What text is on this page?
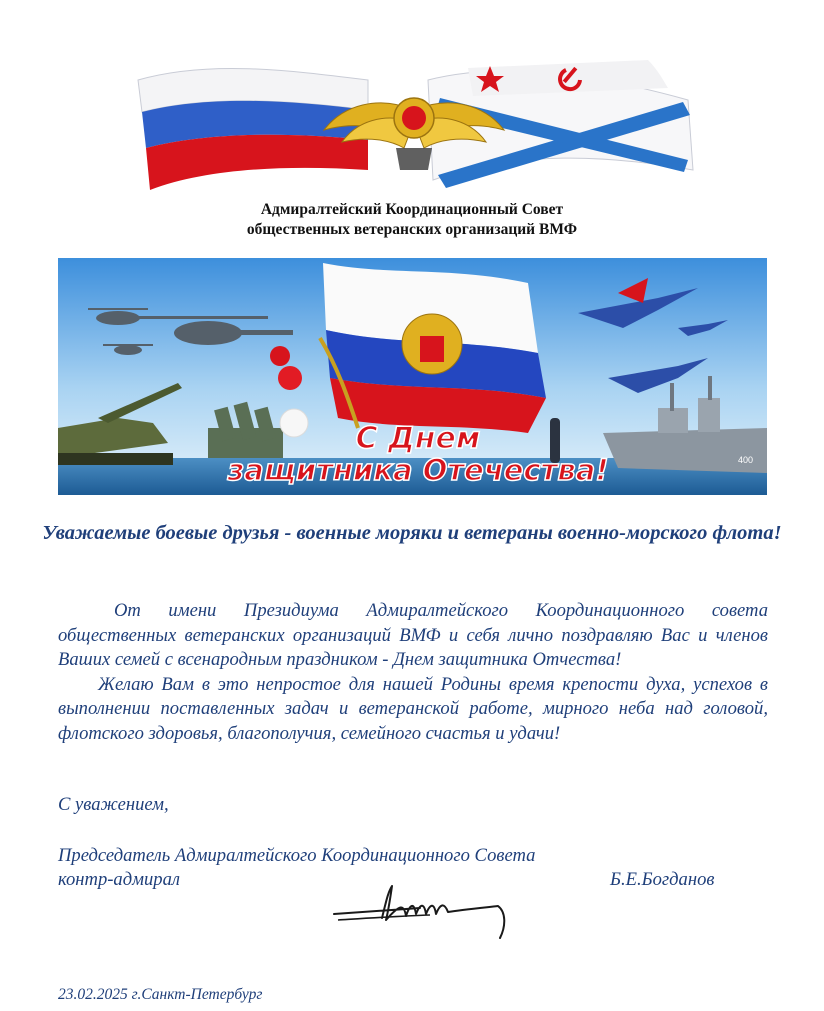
Адмиралтейский Координационный Совет
общественных ветеранских организаций ВМФ
400
С Днем
защитника Отечества!
Уважаемые боевые друзья - военные моряки и ветераны военно-морского флота!

От имени Президиума Адмиралтейского Координационного совета общественных ветеранских организаций ВМФ и себя лично поздравляю Вас и членов Ваших семей с всенародным праздником - Днем защитника Отчества!

Желаю Вам в это непростое для нашей Родины время крепости духа, успехов в выполнении поставленных задач и ветеранской работе, мирного неба над головой, флотского здоровья, благополучия, семейного счастья и удачи!

С уважением,
Председатель Адмиралтейского Координационного Совета
контр-адмирал	Б.Е.Богданов
23.02.2025 г.Санкт-Петербург
